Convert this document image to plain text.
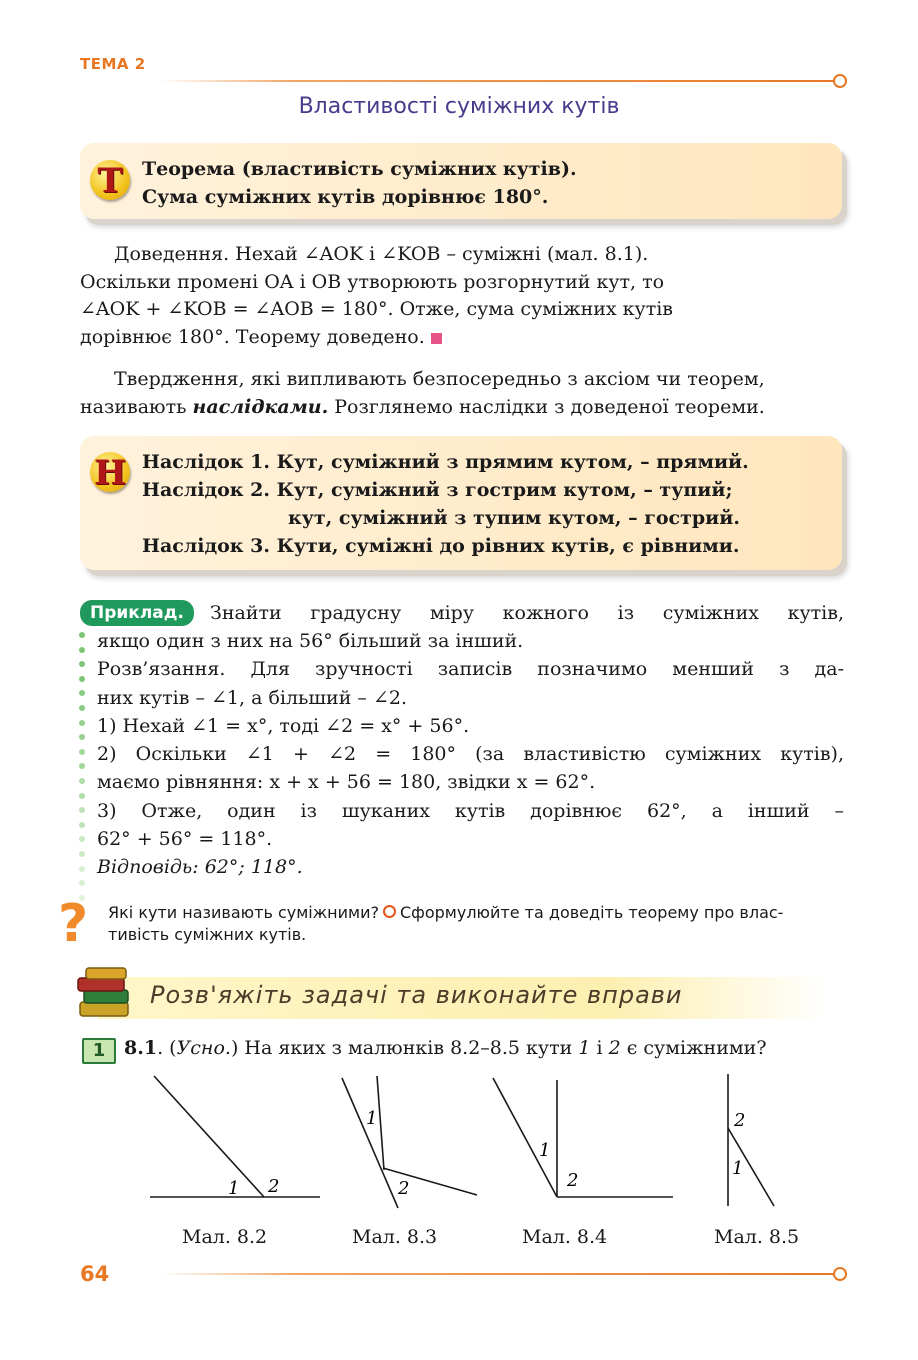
ТЕМА 2
Властивості суміжних кутів
Т	Теорема (властивість суміжних кутів).
Сума суміжних кутів дорівнює 180°.
Доведення. Нехай ∠AOK і ∠KOB – суміжні (мал. 8.1).
Оскільки промені OA і OB утворюють розгорнутий кут, то
∠AOK + ∠KOB = ∠AOB = 180°. Отже, сума суміжних кутів
дорівнює 180°. Теорему доведено.
Твердження, які випливають безпосередньо з аксіом чи теорем,
називають наслідками. Розглянемо наслідки з доведеної теореми.
Н Наслідок 1. Кут, суміжний з прямим кутом, – прямий.
Наслідок 2. Кут, суміжний з гострим кутом, – тупий;
кут, суміжний з тупим кутом, – гострий.
Наслідок 3. Кути, суміжні до рівних кутів, є рівними.
Приклад.	Знайти градусну міру кожного із суміжних кутів,
якщо один з них на 56° більший за інший.
Розв’язання. Для зручності записів позначимо менший з да-
них кутів – ∠1, а більший – ∠2.
1) Нехай ∠1 = x°, тоді ∠2 = x° + 56°.
2) Оскільки ∠1 + ∠2 = 180° (за властивістю суміжних кутів),
маємо рівняння: x + x + 56 = 180, звідки x = 62°.
3) Отже, один із шуканих кутів дорівнює 62°, а інший –
62° + 56° = 118°.
Відповідь: 62°; 118°.
? Які кути називають суміжними? Сформулюйте та доведіть теорему про влас-
тивість суміжних кутів.
Розв'яжіть задачі та виконайте вправи
1 8.1. (Усно.) На яких з малюнків 8.2–8.5 кути 1 і 2 є суміжними?
1 2
Мал. 8.2
1
2
Мал. 8.3
1
2
Мал. 8.4
2
1
Мал. 8.5
64
